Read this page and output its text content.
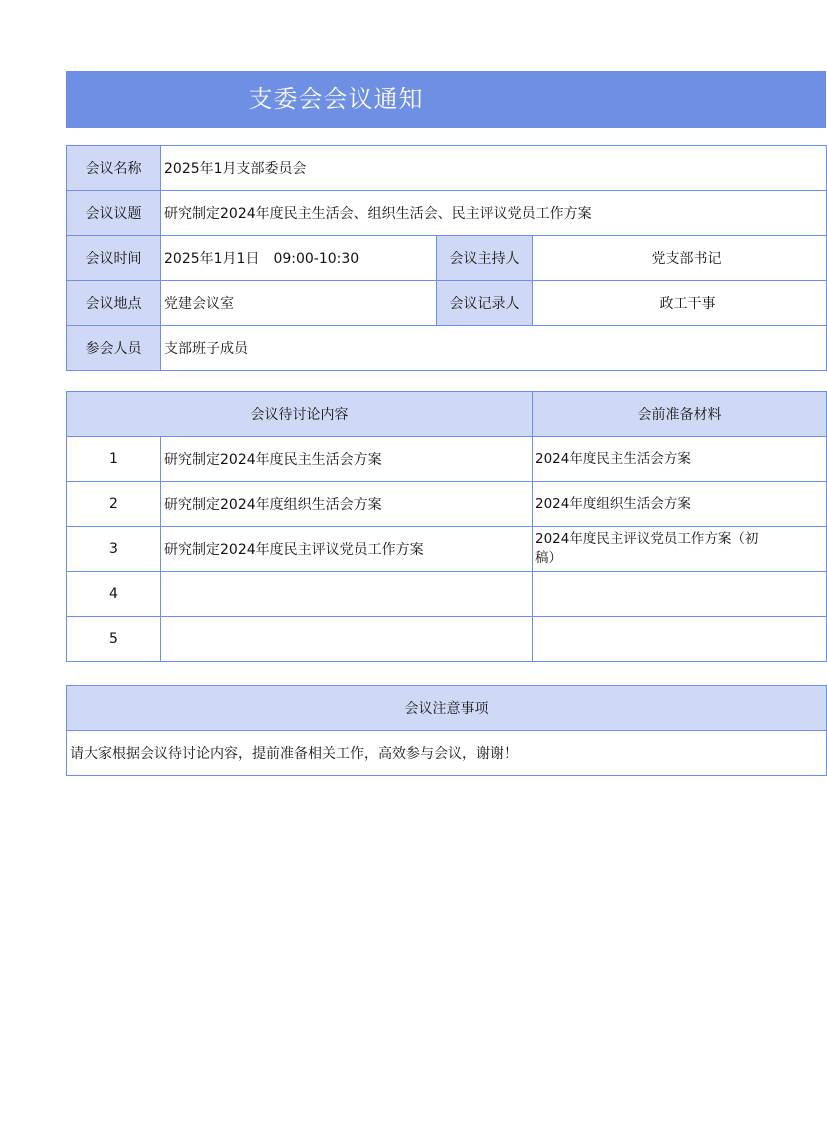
支委会会议通知
会议名称	2025年1月支部委员会		
会议议题	研究制定2024年度民主生活会、组织生活会、民主评议党员工作方案		
会议时间	2025年1月1日　09:00-10:30	会议主持人	党支部书记
会议地点	党建会议室	会议记录人	政工干事
参会人员	支部班子成员		
会议待讨论内容		会前准备材料
1	研究制定2024年度民主生活会方案	2024年度民主生活会方案
2	研究制定2024年度组织生活会方案	2024年度组织生活会方案
3	研究制定2024年度民主评议党员工作方案	2024年度民主评议党员工作方案（初
稿）

4		
5		
会议注意事项
请大家根据会议待讨论内容，提前准备相关工作，高效参与会议，谢谢！
